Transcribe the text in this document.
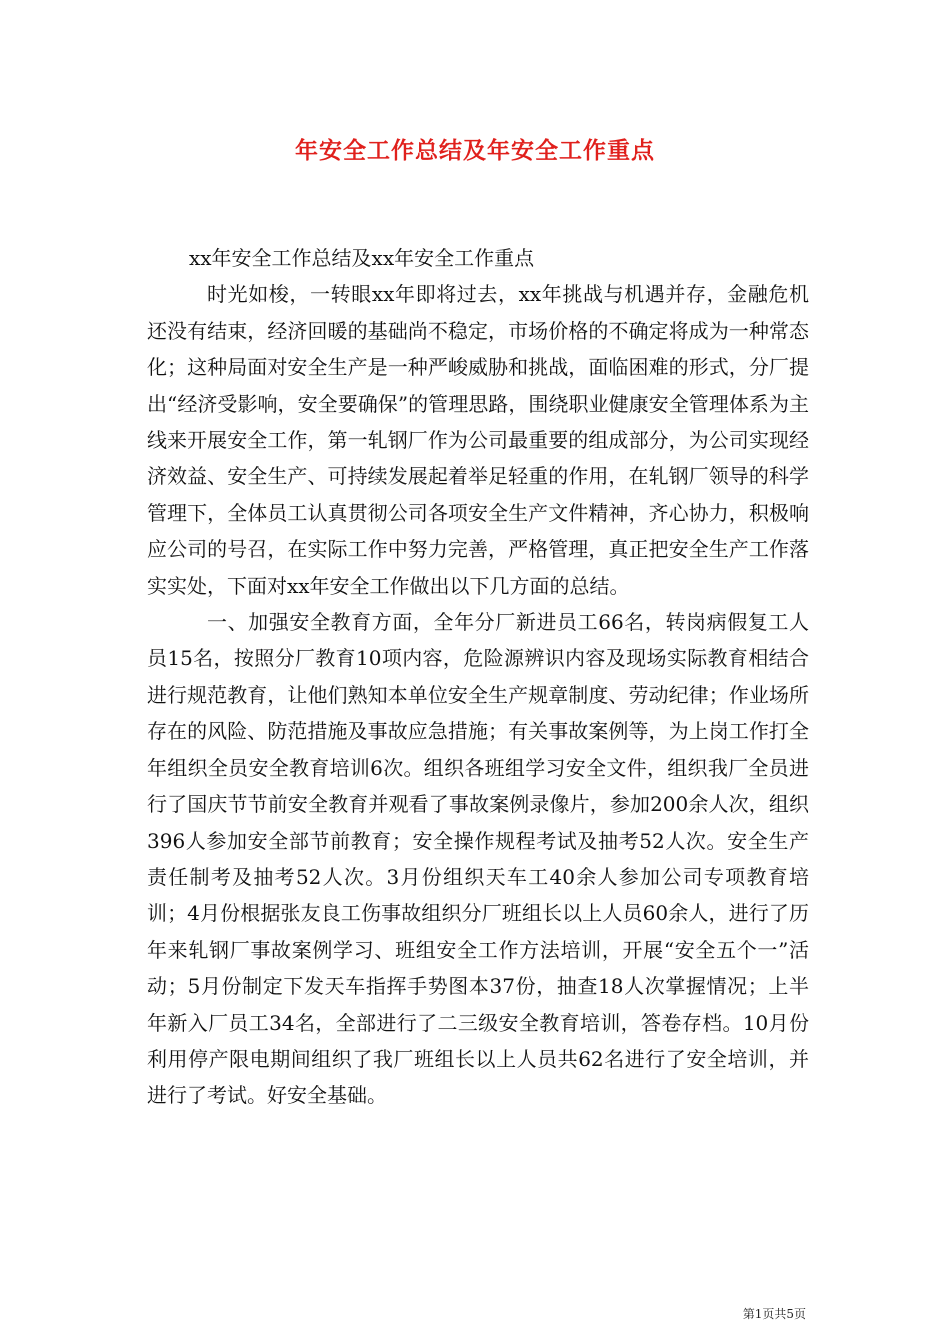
年安全工作总结及年安全工作重点

xx年安全工作总结及xx年安全工作重点

时光如梭，一转眼xx年即将过去，xx年挑战与机遇并存，金融危机还没有结束，经济回暖的基础尚不稳定，市场价格的不确定将成为一种常态化；这种局面对安全生产是一种严峻威胁和挑战，面临困难的形式，分厂提出“经济受影响，安全要确保”的管理思路，围绕职业健康安全管理体系为主线来开展安全工作，第一轧钢厂作为公司最重要的组成部分，为公司实现经济效益、安全生产、可持续发展起着举足轻重的作用，在轧钢厂领导的科学管理下，全体员工认真贯彻公司各项安全生产文件精神，齐心协力，积极响应公司的号召，在实际工作中努力完善，严格管理，真正把安全生产工作落实实处，下面对xx年安全工作做出以下几方面的总结。

一、加强安全教育方面，全年分厂新进员工66名，转岗病假复工人员15名，按照分厂教育10项内容，危险源辨识内容及现场实际教育相结合进行规范教育，让他们熟知本单位安全生产规章制度、劳动纪律；作业场所存在的风险、防范措施及事故应急措施；有关事故案例等，为上岗工作打全年组织全员安全教育培训6次。组织各班组学习安全文件，组织我厂全员进行了国庆节节前安全教育并观看了事故案例录像片，参加200余人次，组织396人参加安全部节前教育；安全操作规程考试及抽考52人次。安全生产责任制考及抽考52人次。3月份组织天车工40余人参加公司专项教育培训；4月份根据张友良工伤事故组织分厂班组长以上人员60余人，进行了历年来轧钢厂事故案例学习、班组安全工作方法培训，开展“安全五个一”活动；5月份制定下发天车指挥手势图本37份，抽查18人次掌握情况；上半年新入厂员工34名，全部进行了二三级安全教育培训，答卷存档。10月份利用停产限电期间组织了我厂班组长以上人员共62名进行了安全培训，并进行了考试。好安全基础。

第1页共5页
